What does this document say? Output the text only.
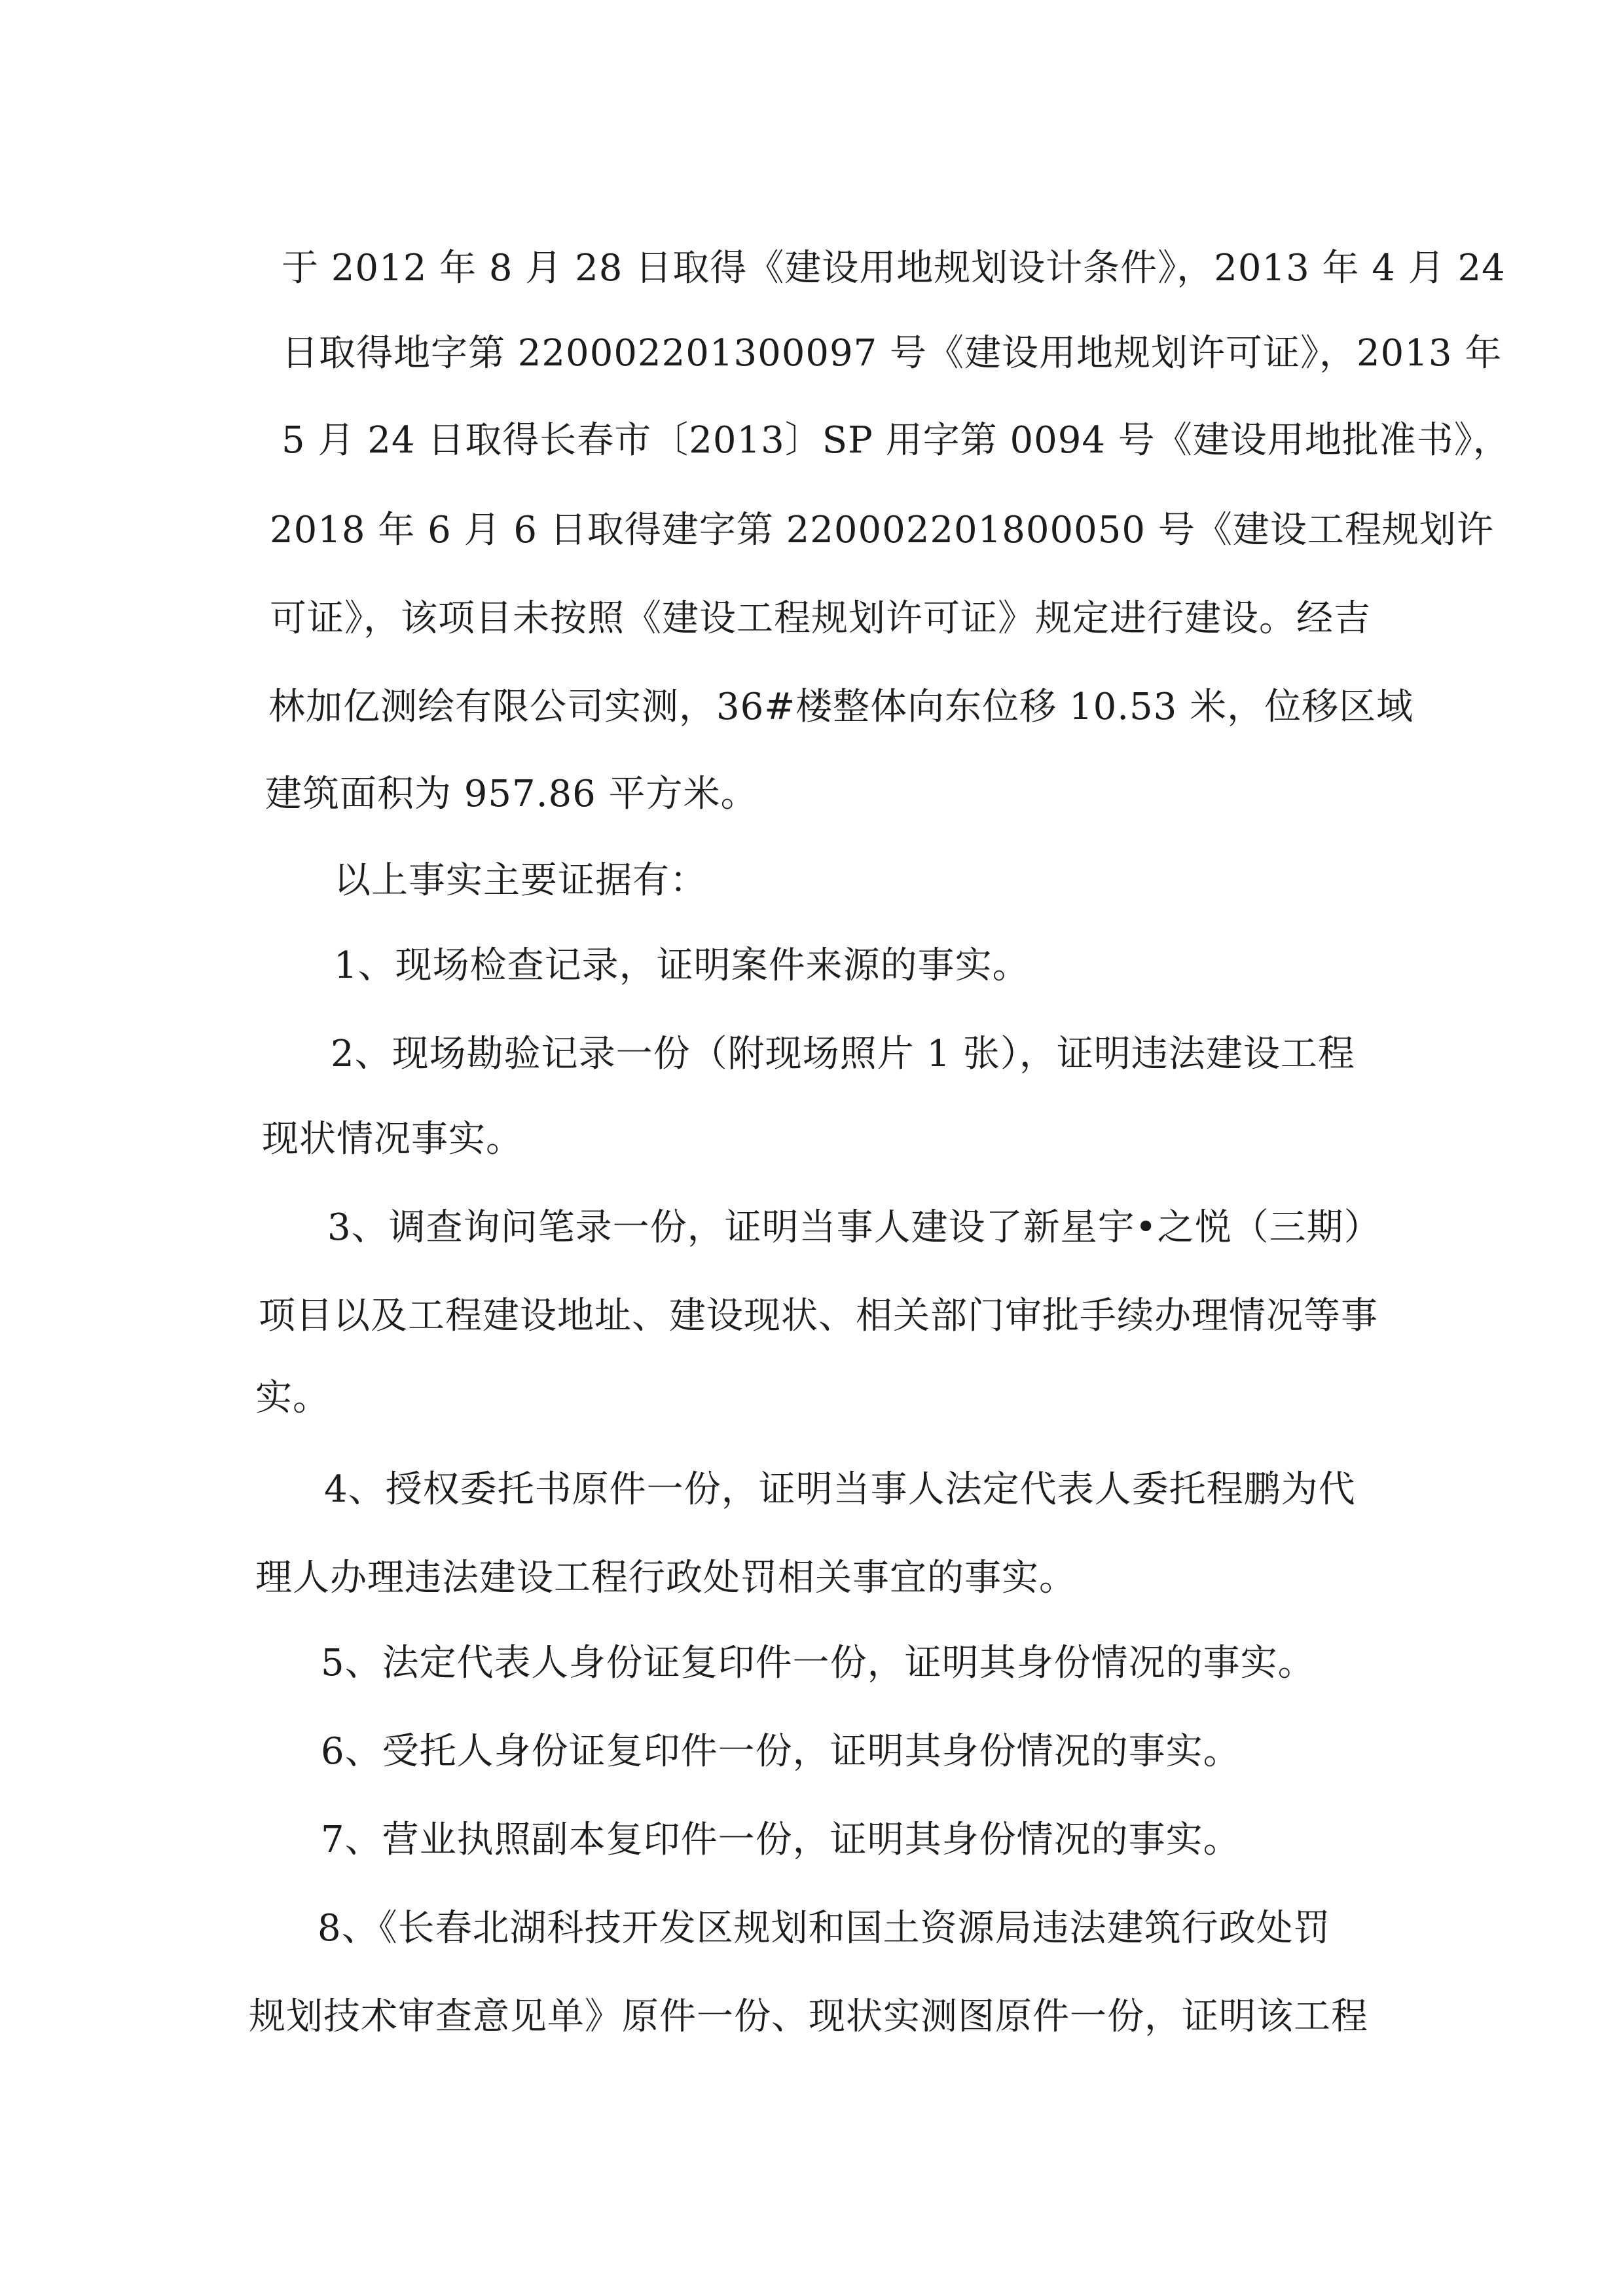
于 2012 年 8 月 28 日取得《建设用地规划设计条件》，2013 年 4 月 24
日取得地字第 220002201300097 号《建设用地规划许可证》，2013 年
5 月 24 日取得长春市〔2013〕SP 用字第 0094 号《建设用地批准书》，
2018 年 6 月 6 日取得建字第 220002201800050 号《建设工程规划许
可证》，该项目未按照《建设工程规划许可证》规定进行建设。经吉
林加亿测绘有限公司实测，36#楼整体向东位移 10.53 米，位移区域
建筑面积为 957.86 平方米。
以上事实主要证据有：
1、现场检查记录，证明案件来源的事实。
2、现场勘验记录一份（附现场照片 1 张），证明违法建设工程
现状情况事实。
3、调查询问笔录一份，证明当事人建设了新星宇•之悦（三期）
项目以及工程建设地址、建设现状、相关部门审批手续办理情况等事
实。
4、授权委托书原件一份，证明当事人法定代表人委托程鹏为代
理人办理违法建设工程行政处罚相关事宜的事实。
5、法定代表人身份证复印件一份，证明其身份情况的事实。
6、受托人身份证复印件一份，证明其身份情况的事实。
7、营业执照副本复印件一份，证明其身份情况的事实。
8、《长春北湖科技开发区规划和国土资源局违法建筑行政处罚
规划技术审查意见单》原件一份、现状实测图原件一份，证明该工程
